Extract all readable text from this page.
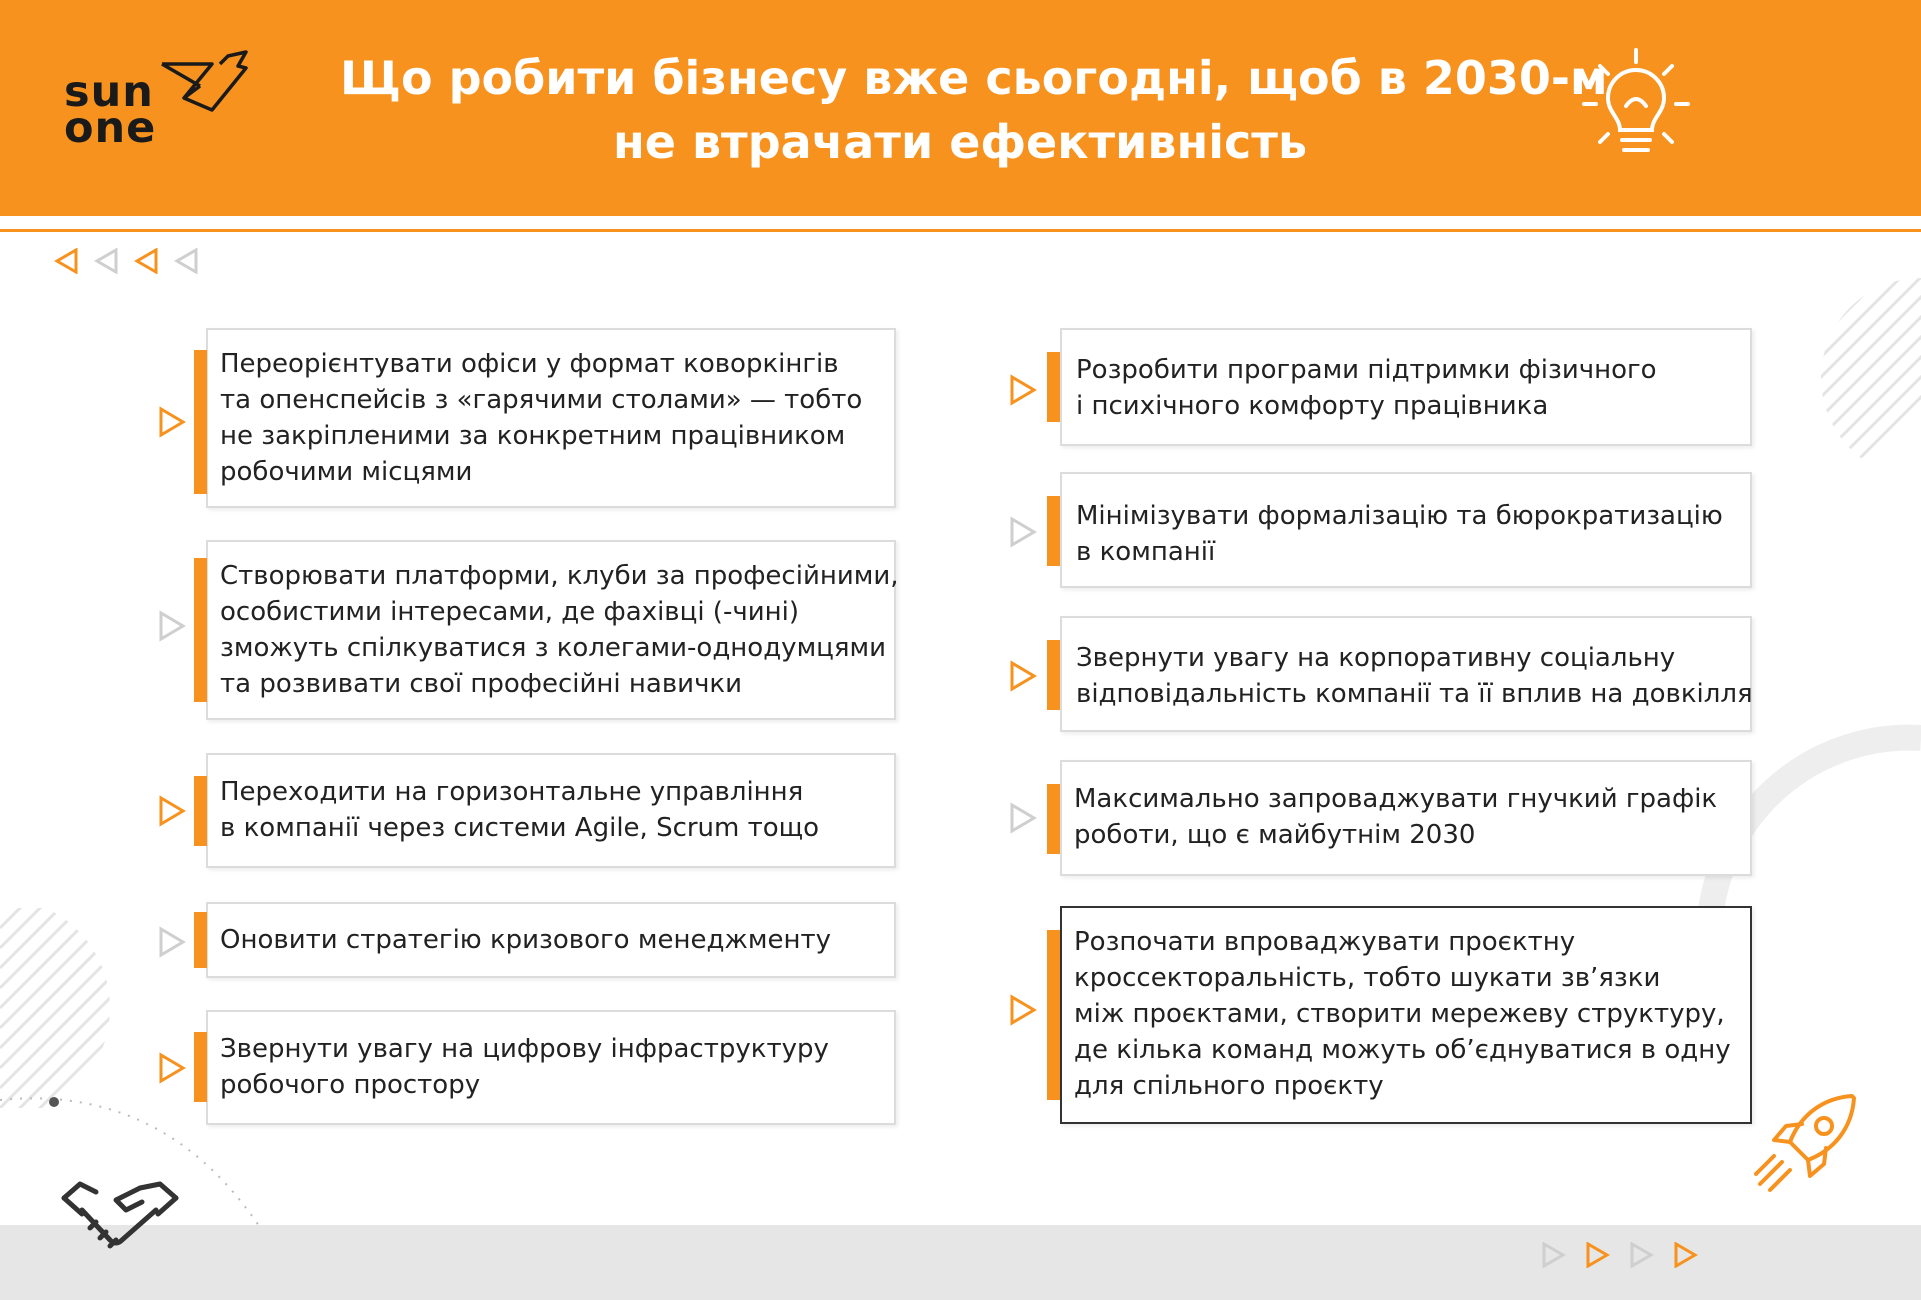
sun
one
Що робити бізнесу вже сьогодні, щоб в 2030-м
не втрачати ефективність
Переорієнтувати офіси у формат коворкінгів
та опенспейсів з «гарячими столами» — тобто
не закріпленими за конкретним працівником
робочими місцями
Створювати платформи, клуби за професійними,
особистими інтересами, де фахівці (-чині)
зможуть спілкуватися з колегами-однодумцями
та розвивати свої професійні навички
Переходити на горизонтальне управління
в компанії через системи Agile, Scrum тощо
Оновити стратегію кризового менеджменту
Звернути увагу на цифрову інфраструктуру
робочого простору
Розробити програми підтримки фізичного
і психічного комфорту працівника
Мінімізувати формалізацію та бюрократизацію
в компанії
Звернути увагу на корпоративну соціальну
відповідальність компанії та її вплив на довкілля
Максимально запроваджувати гнучкий графік
роботи, що є майбутнім 2030
Розпочати впроваджувати проєктну
кроссекторальність, тобто шукати зв’язки
між проєктами, створити мережеву структуру,
де кілька команд можуть об’єднуватися в одну
для спільного проєкту
